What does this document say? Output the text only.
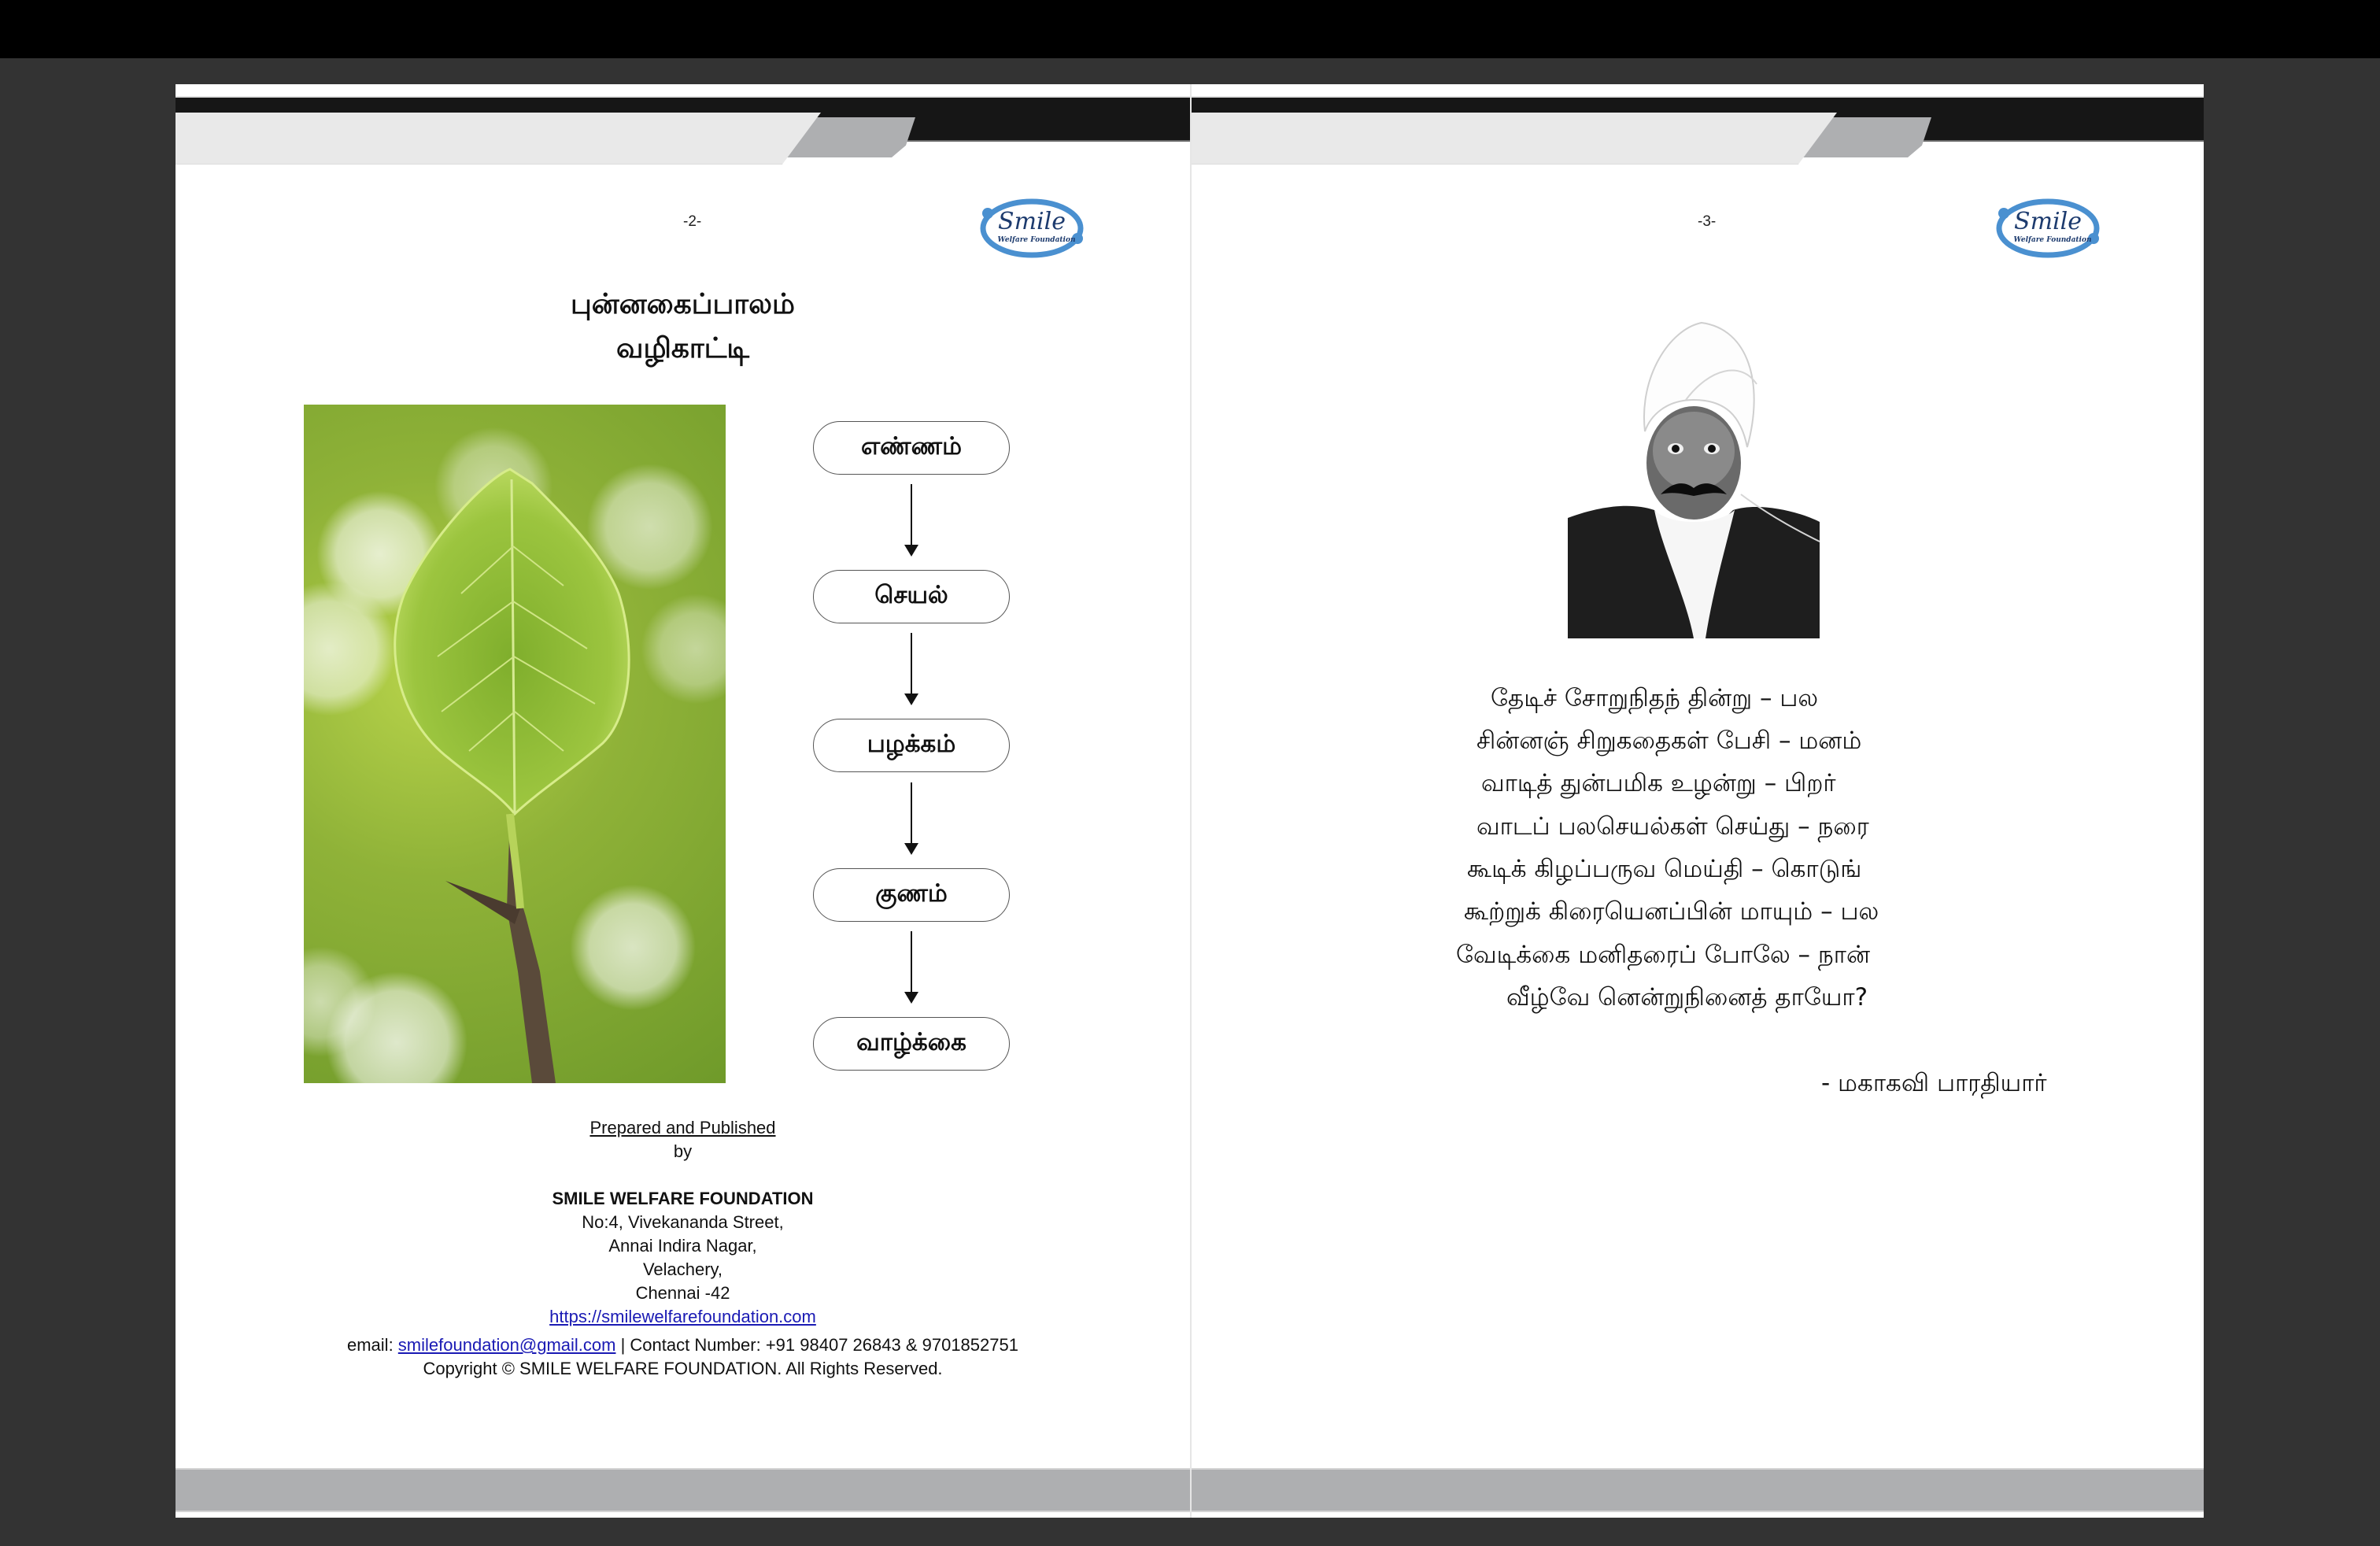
-2-	Smile
Welfare Foundation
புன்னகைப்பாலம்
வழிகாட்டி
எண்ணம்
செயல்
பழக்கம்
குணம்
வாழ்க்கை
Prepared and Published
by
SMILE WELFARE FOUNDATION
No:4, Vivekananda Street,
Annai Indira Nagar,
Velachery,
Chennai -42
https://smilewelfarefoundation.com
email: smilefoundation@gmail.com | Contact Number: +91 98407 26843 & 9701852751
Copyright © SMILE WELFARE FOUNDATION. All Rights Reserved.
-3-	Smile
Welfare Foundation
தேடிச் சோறுநிதந் தின்று – பல
சின்னஞ் சிறுகதைகள் பேசி – மனம்
வாடித் துன்பமிக உழன்று – பிறர்
வாடப் பலசெயல்கள் செய்து – நரை
கூடிக் கிழப்பருவ மெய்தி – கொடுங்
கூற்றுக் கிரையெனப்பின் மாயும் – பல
வேடிக்கை மனிதரைப் போலே – நான்
வீழ்வே னென்றுநினைத் தாயோ?
- மகாகவி பாரதியார்
